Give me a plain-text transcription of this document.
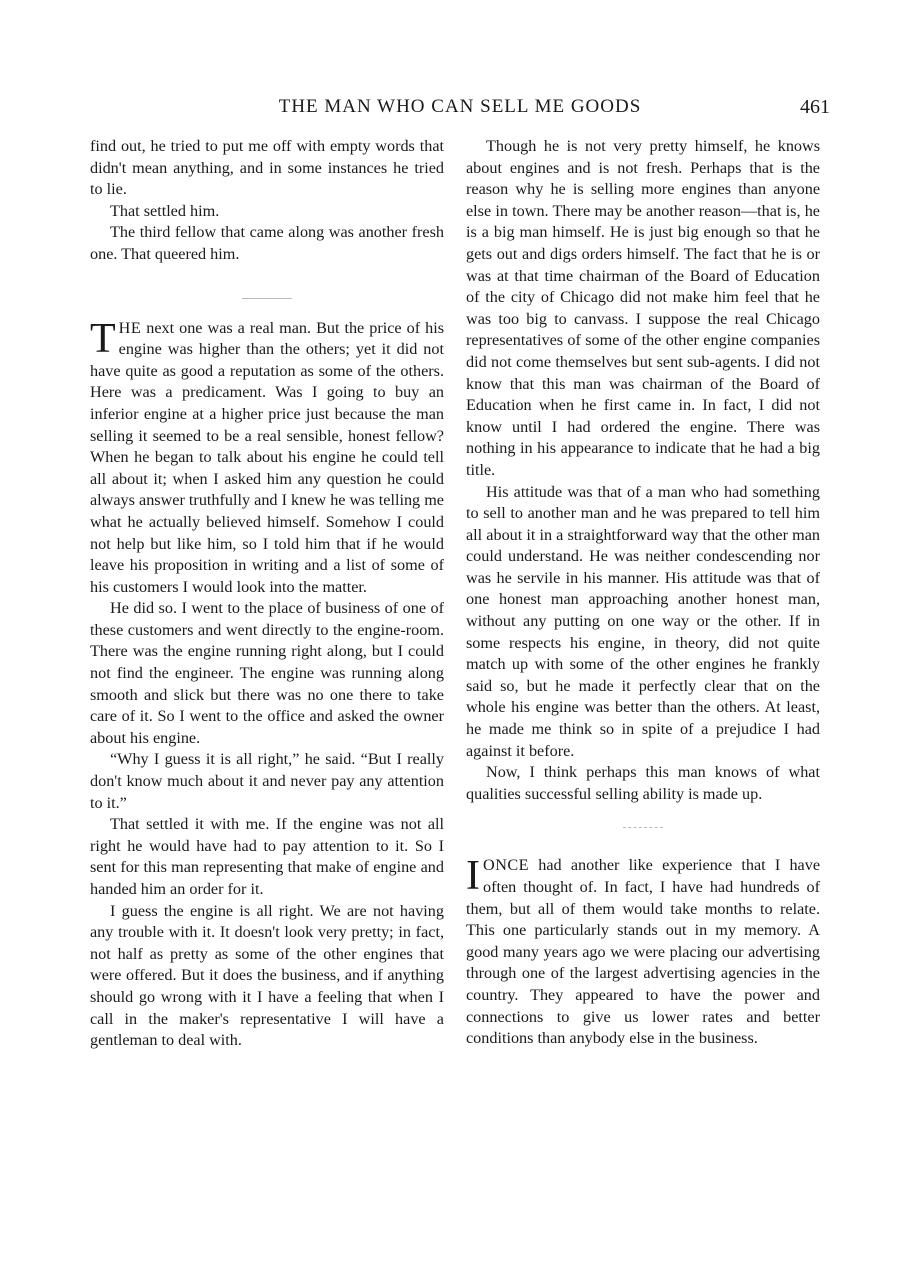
THE MAN WHO CAN SELL ME GOODS	461

find out, he tried to put me off with empty words that didn't mean anything, and in some instances he tried to lie.

That settled him.

The third fellow that came along was another fresh one. That queered him.

THE next one was a real man. But the price of his engine was higher than the others; yet it did not have quite as good a reputation as some of the others. Here was a predicament. Was I going to buy an inferior engine at a higher price just because the man selling it seemed to be a real sensible, honest fellow? When he began to talk about his engine he could tell all about it; when I asked him any question he could always answer truthfully and I knew he was telling me what he actually believed himself. Somehow I could not help but like him, so I told him that if he would leave his proposition in writing and a list of some of his customers I would look into the matter.

He did so. I went to the place of business of one of these customers and went directly to the engine-room. There was the engine running right along, but I could not find the engineer. The engine was running along smooth and slick but there was no one there to take care of it. So I went to the office and asked the owner about his engine.

“Why I guess it is all right,” he said. “But I really don't know much about it and never pay any attention to it.”

That settled it with me. If the engine was not all right he would have had to pay attention to it. So I sent for this man representing that make of engine and handed him an order for it.

I guess the engine is all right. We are not having any trouble with it. It doesn't look very pretty; in fact, not half as pretty as some of the other engines that were offered. But it does the business, and if anything should go wrong with it I have a feeling that when I call in the maker's representative I will have a gentleman to deal with.

Though he is not very pretty himself, he knows about engines and is not fresh. Perhaps that is the reason why he is selling more engines than anyone else in town. There may be another reason—that is, he is a big man himself. He is just big enough so that he gets out and digs orders himself. The fact that he is or was at that time chairman of the Board of Education of the city of Chicago did not make him feel that he was too big to canvass. I suppose the real Chicago representatives of some of the other engine companies did not come themselves but sent sub-agents. I did not know that this man was chairman of the Board of Education when he first came in. In fact, I did not know until I had ordered the engine. There was nothing in his appearance to indicate that he had a big title.

His attitude was that of a man who had something to sell to another man and he was prepared to tell him all about it in a straightforward way that the other man could understand. He was neither condescending nor was he servile in his manner. His attitude was that of one honest man approaching another honest man, without any putting on one way or the other. If in some respects his engine, in theory, did not quite match up with some of the other engines he frankly said so, but he made it perfectly clear that on the whole his engine was better than the others. At least, he made me think so in spite of a prejudice I had against it before.

Now, I think perhaps this man knows of what qualities successful selling ability is made up.

IONCE had another like experience that I have often thought of. In fact, I have had hundreds of them, but all of them would take months to relate. This one particularly stands out in my memory. A good many years ago we were placing our advertising through one of the largest advertising agencies in the country. They appeared to have the power and connections to give us lower rates and better conditions than anybody else in the business.
